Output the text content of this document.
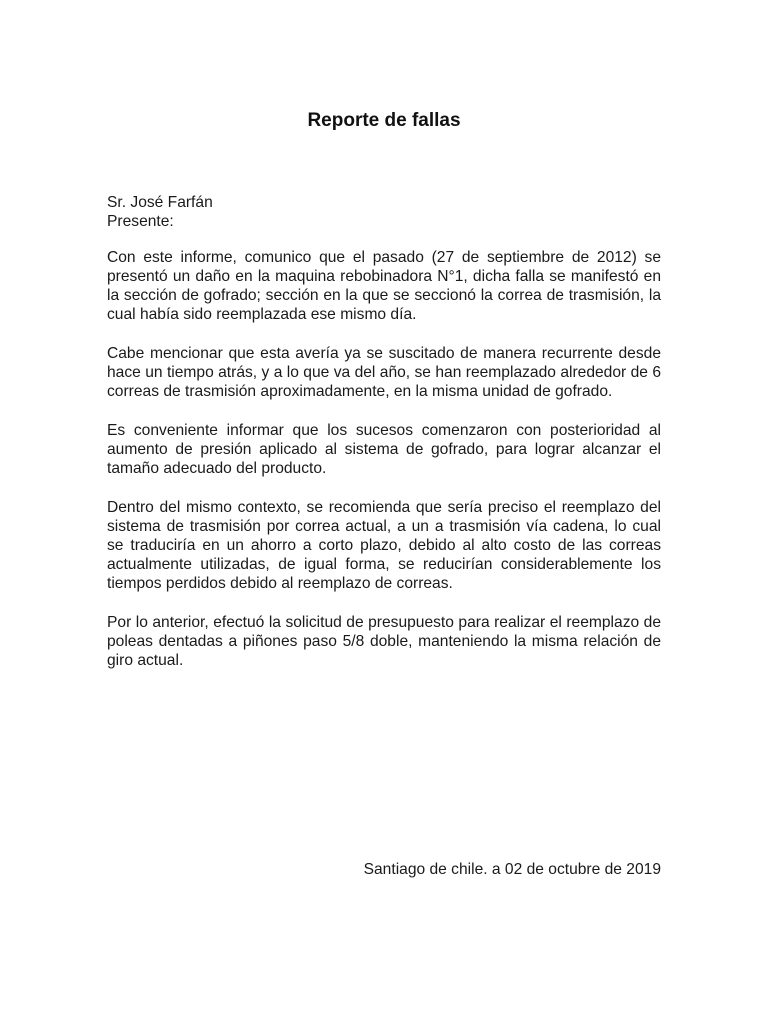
Reporte de fallas

Sr. José Farfán

Presente:

Con este informe, comunico que el pasado (27 de septiembre de 2012) se presentó un daño en la maquina rebobinadora N°1, dicha falla se manifestó en la sección de gofrado; sección en la que se seccionó la correa de trasmisión, la cual había sido reemplazada ese mismo día.

Cabe mencionar que esta avería ya se suscitado de manera recurrente desde hace un tiempo atrás, y a lo que va del año, se han reemplazado alrededor de 6 correas de trasmisión aproximadamente, en la misma unidad de gofrado.

Es conveniente informar que los sucesos comenzaron con posterioridad al aumento de presión aplicado al sistema de gofrado, para lograr alcanzar el tamaño adecuado del producto.

Dentro del mismo contexto, se recomienda que sería preciso el reemplazo del sistema de trasmisión por correa actual, a un a trasmisión vía cadena, lo cual se traduciría en un ahorro a corto plazo, debido al alto costo de las correas actualmente utilizadas, de igual forma, se reducirían considerablemente los tiempos perdidos debido al reemplazo de correas.

Por lo anterior, efectuó la solicitud de presupuesto para realizar el reemplazo de poleas dentadas a piñones paso 5/8 doble, manteniendo la misma relación de giro actual.

Santiago de chile. a 02 de octubre de 2019
